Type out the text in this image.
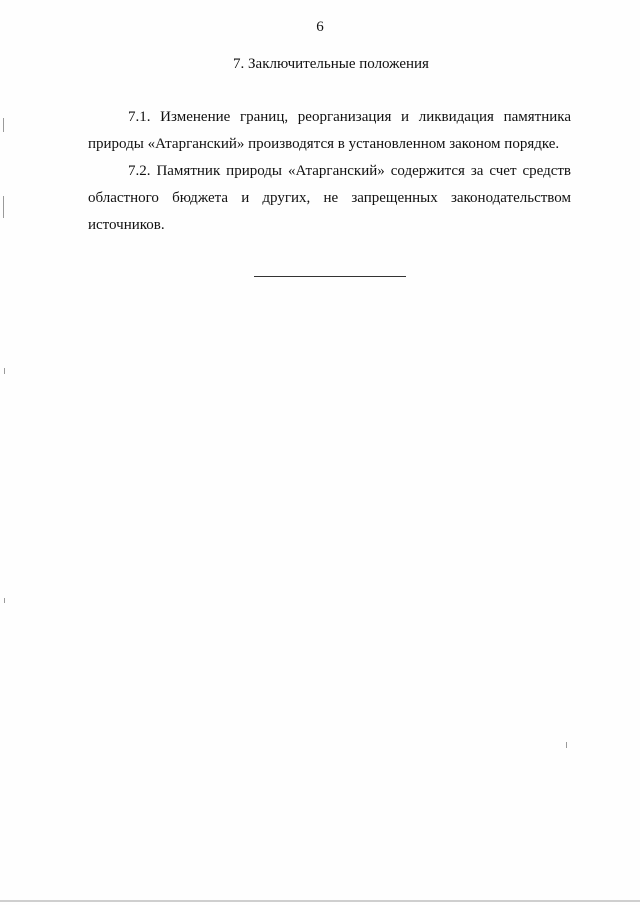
6
7. Заключительные положения

7.1. Изменение границ, реорганизация и ликвидация памятника природы «Атарганский» производятся в установленном законом порядке.

7.2. Памятник природы «Атарганский» содержится за счет средств областного бюджета и других, не запрещенных законодательством источников.
